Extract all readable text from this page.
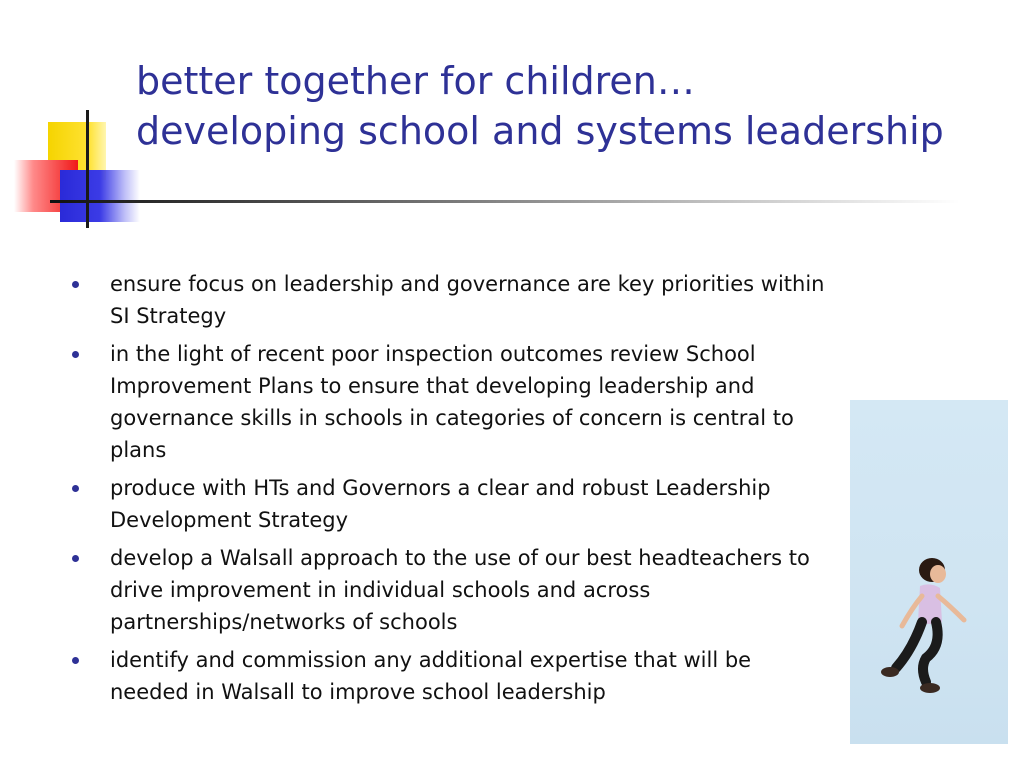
better together for children…
developing school and systems leadership
ensure focus on leadership and governance are key priorities within SI Strategy
in the light of recent poor inspection outcomes review School Improvement Plans to ensure that developing leadership and governance skills in schools in categories of concern is central to plans
produce with HTs and Governors a clear and robust Leadership Development Strategy
develop a Walsall approach to the use of our best headteachers to drive improvement in individual schools and across partnerships/networks of schools
identify and commission any additional expertise that will be needed in Walsall to improve school leadership
